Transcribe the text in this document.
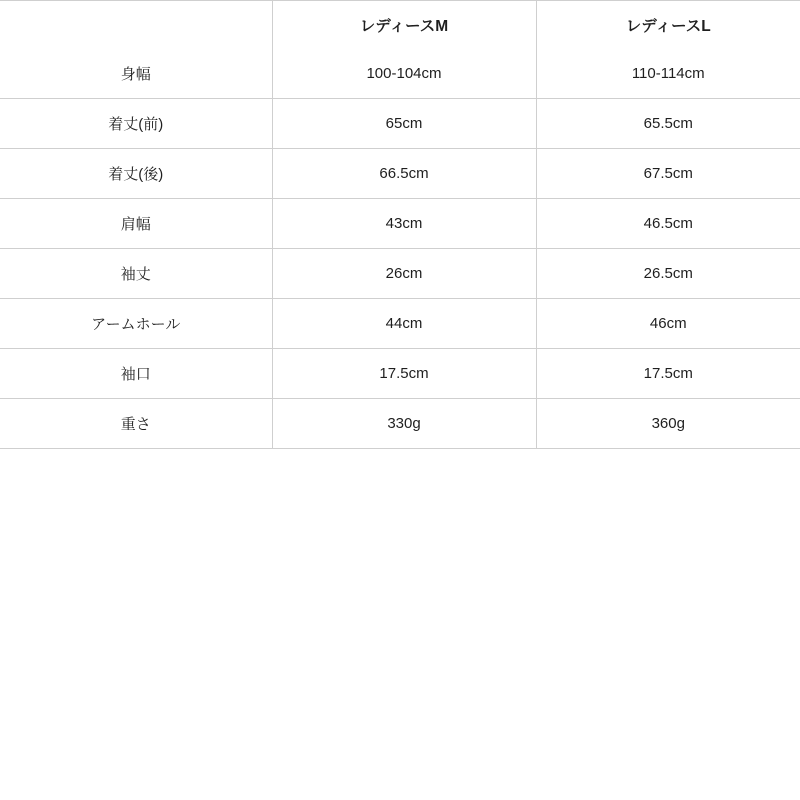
	レディースM	レディースL
身幅	100-104cm	110-114cm
着丈(前)	65cm	65.5cm
着丈(後)	66.5cm	67.5cm
肩幅	43cm	46.5cm
袖丈	26cm	26.5cm
アームホール	44cm	46cm
袖口	17.5cm	17.5cm
重さ	330g	360g
